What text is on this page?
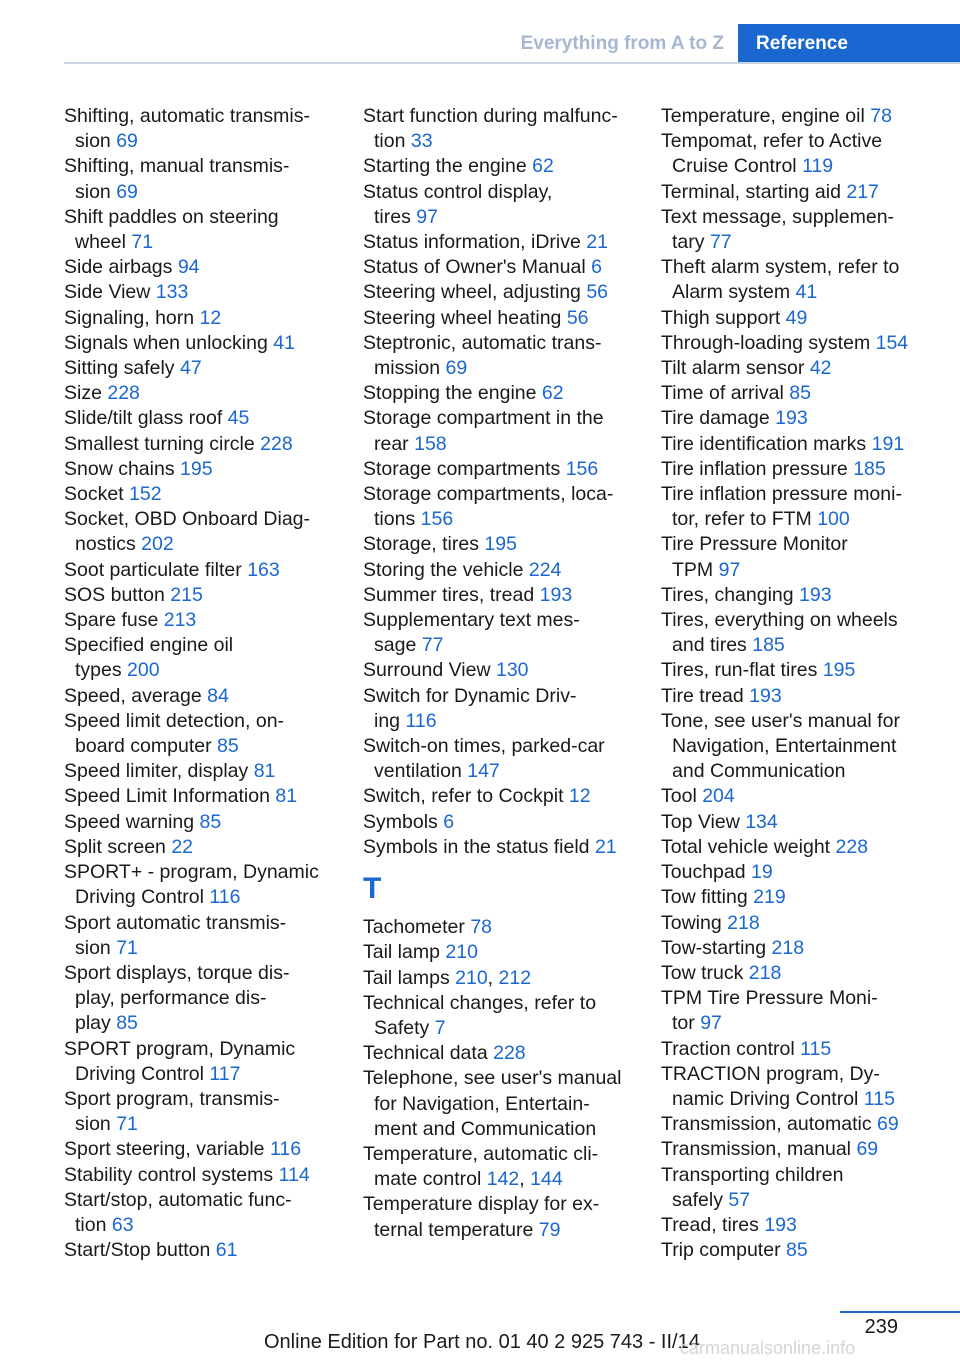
Everything from A to Z	Reference
Shifting, automatic transmis-
sion 69
Shifting, manual transmis-
sion 69
Shift paddles on steering
wheel 71
Side airbags 94
Side View 133
Signaling, horn 12
Signals when unlocking 41
Sitting safely 47
Size 228
Slide/tilt glass roof 45
Smallest turning circle 228
Snow chains 195
Socket 152
Socket, OBD Onboard Diag-
nostics 202
Soot particulate filter 163
SOS button 215
Spare fuse 213
Specified engine oil
types 200
Speed, average 84
Speed limit detection, on-
board computer 85
Speed limiter, display 81
Speed Limit Information 81
Speed warning 85
Split screen 22
SPORT+ - program, Dynamic
Driving Control 116
Sport automatic transmis-
sion 71
Sport displays, torque dis-
play, performance dis-
play 85
SPORT program, Dynamic
Driving Control 117
Sport program, transmis-
sion 71
Sport steering, variable 116
Stability control systems 114
Start/stop, automatic func-
tion 63
Start/Stop button 61
Start function during malfunc-
tion 33
Starting the engine 62
Status control display,
tires 97
Status information, iDrive 21
Status of Owner's Manual 6
Steering wheel, adjusting 56
Steering wheel heating 56
Steptronic, automatic trans-
mission 69
Stopping the engine 62
Storage compartment in the
rear 158
Storage compartments 156
Storage compartments, loca-
tions 156
Storage, tires 195
Storing the vehicle 224
Summer tires, tread 193
Supplementary text mes-
sage 77
Surround View 130
Switch for Dynamic Driv-
ing 116
Switch-on times, parked-car
ventilation 147
Switch, refer to Cockpit 12
Symbols 6
Symbols in the status field 21
T
Tachometer 78
Tail lamp 210
Tail lamps 210, 212
Technical changes, refer to
Safety 7
Technical data 228
Telephone, see user's manual
for Navigation, Entertain-
ment and Communication
Temperature, automatic cli-
mate control 142, 144
Temperature display for ex-
ternal temperature 79
Temperature, engine oil 78
Tempomat, refer to Active
Cruise Control 119
Terminal, starting aid 217
Text message, supplemen-
tary 77
Theft alarm system, refer to
Alarm system 41
Thigh support 49
Through-loading system 154
Tilt alarm sensor 42
Time of arrival 85
Tire damage 193
Tire identification marks 191
Tire inflation pressure 185
Tire inflation pressure moni-
tor, refer to FTM 100
Tire Pressure Monitor
TPM 97
Tires, changing 193
Tires, everything on wheels
and tires 185
Tires, run-flat tires 195
Tire tread 193
Tone, see user's manual for
Navigation, Entertainment
and Communication
Tool 204
Top View 134
Total vehicle weight 228
Touchpad 19
Tow fitting 219
Towing 218
Tow-starting 218
Tow truck 218
TPM Tire Pressure Moni-
tor 97
Traction control 115
TRACTION program, Dy-
namic Driving Control 115
Transmission, automatic 69
Transmission, manual 69
Transporting children
safely 57
Tread, tires 193
Trip computer 85
239
Online Edition for Part no. 01 40 2 925 743 - II/14
carmanualsonline.info
